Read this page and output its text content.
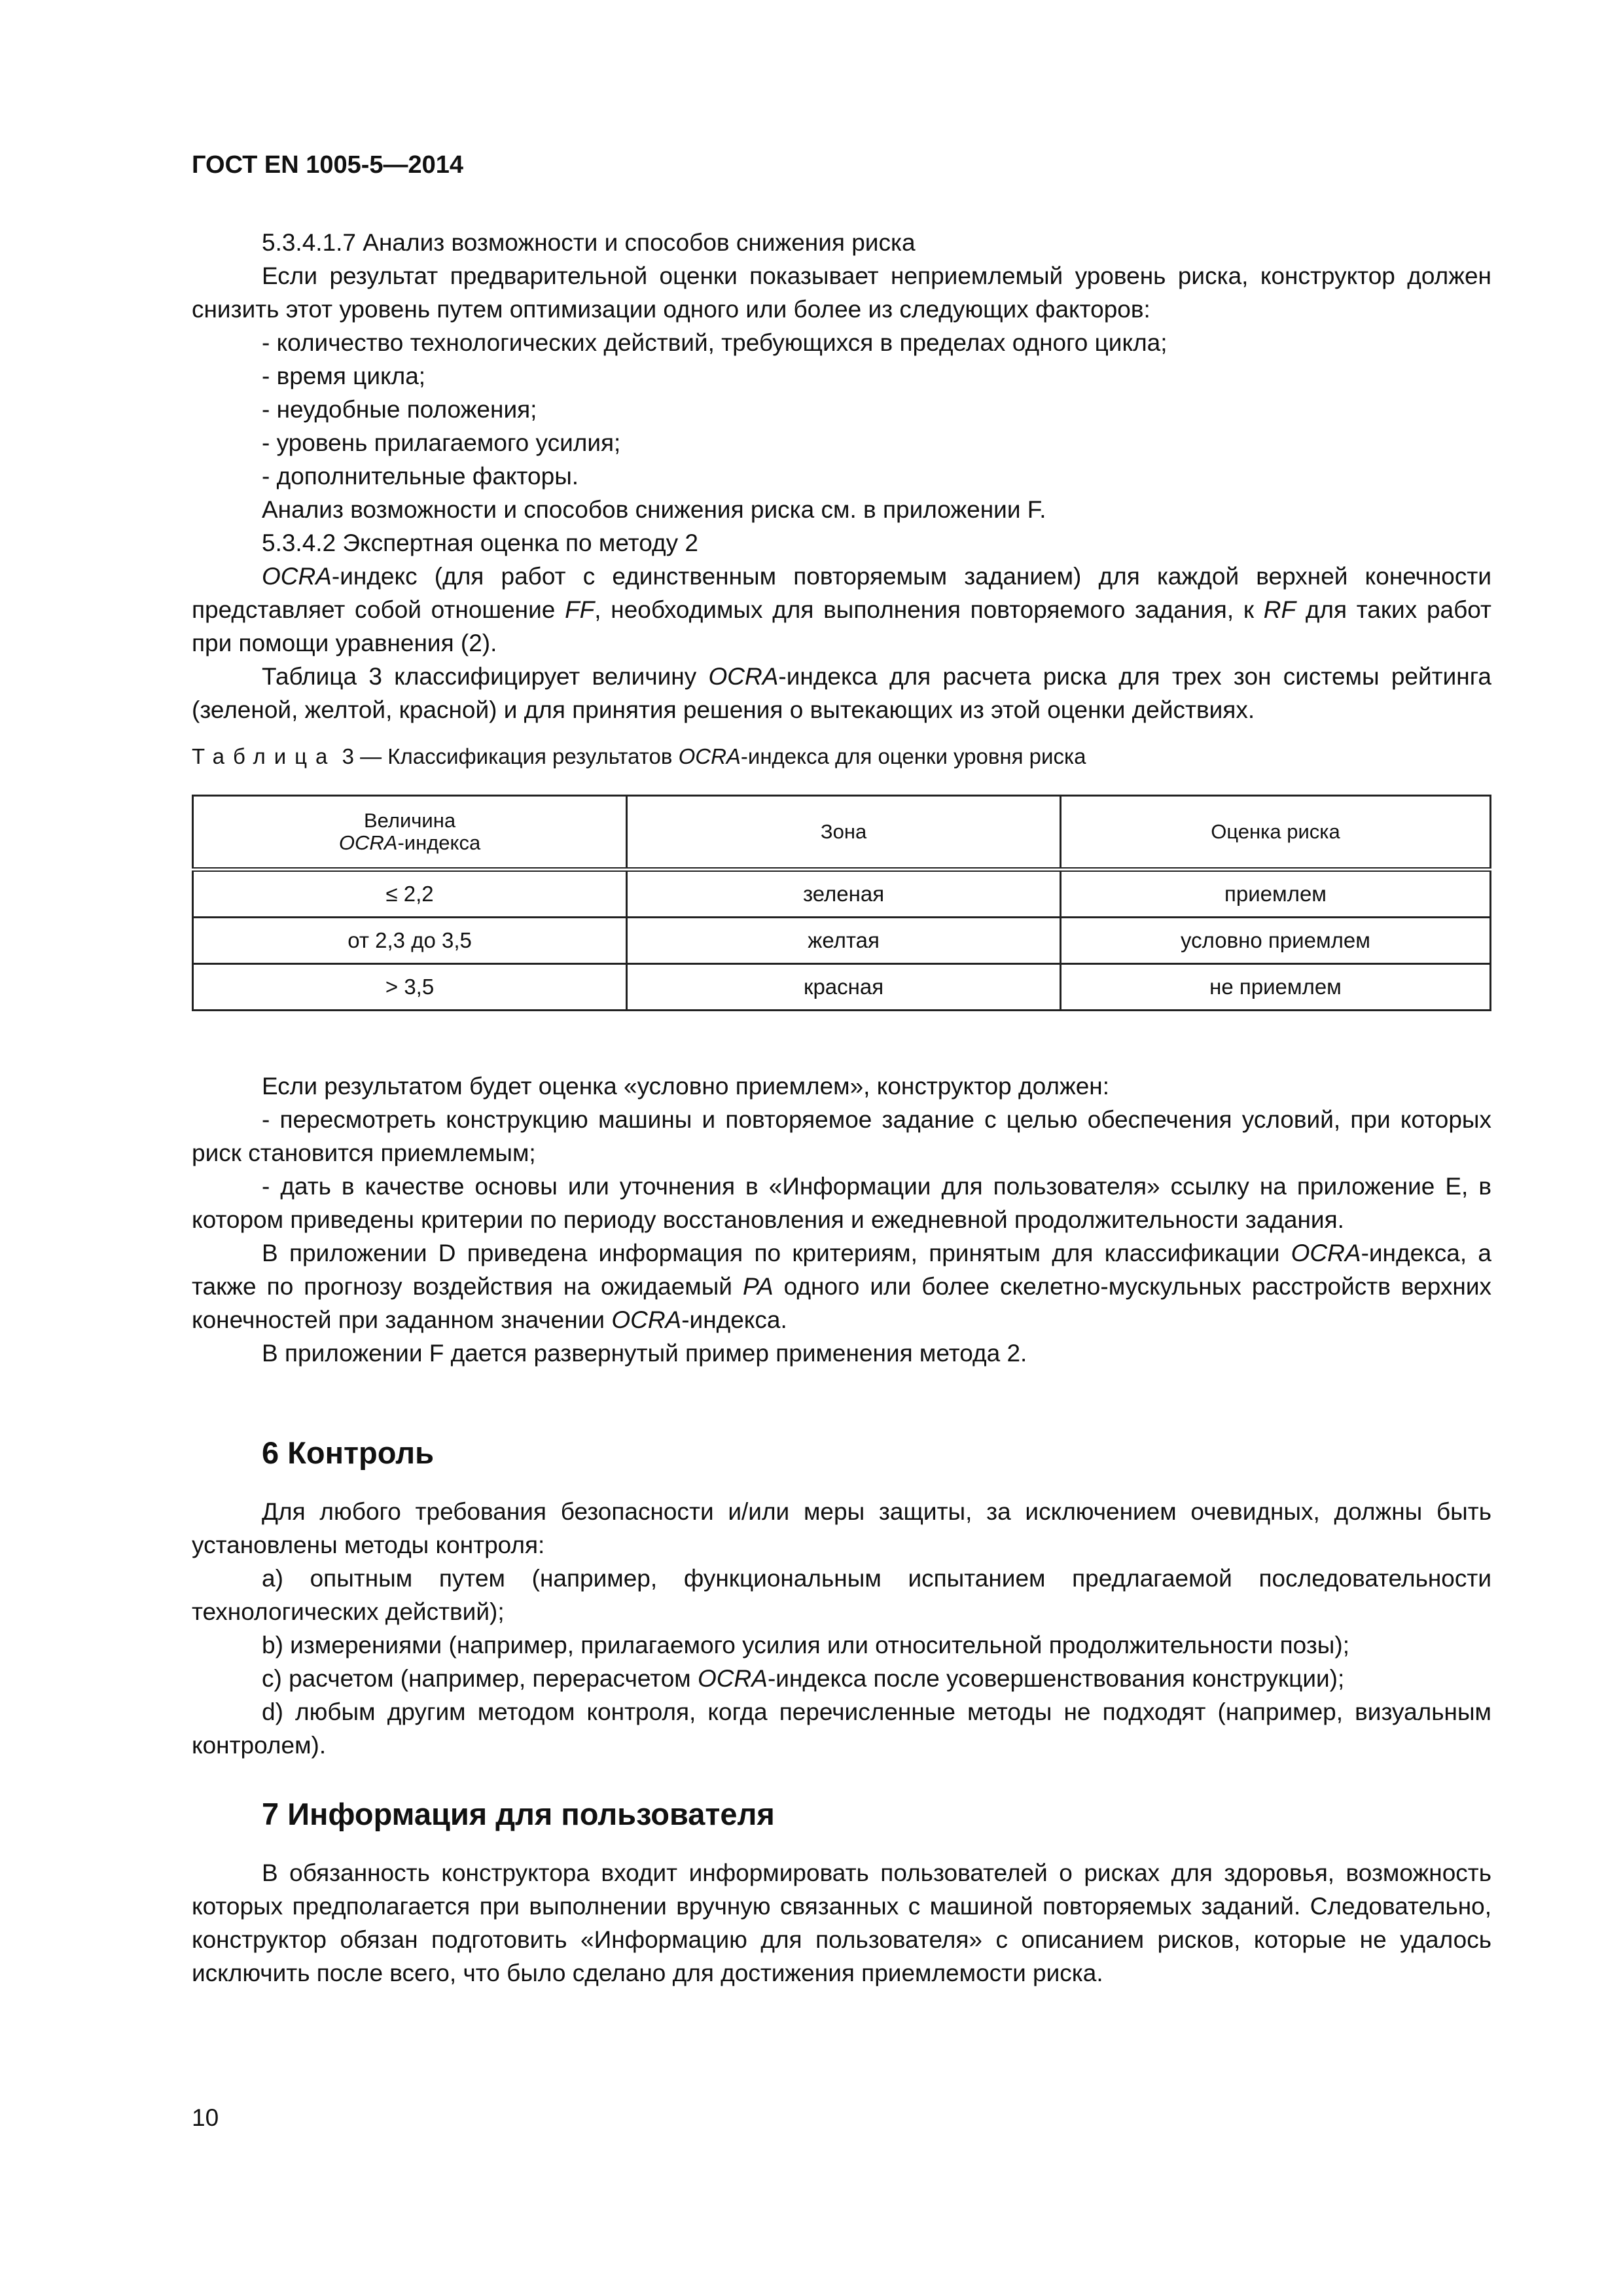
ГОСТ EN 1005-5—2014

5.3.4.1.7 Анализ возможности и способов снижения риска

Если результат предварительной оценки показывает неприемлемый уровень риска, конструктор должен снизить этот уровень путем оптимизации одного или более из следующих факторов:

- количество технологических действий, требующихся в пределах одного цикла;

- время цикла;

- неудобные положения;

- уровень прилагаемого усилия;

- дополнительные факторы.

Анализ возможности и способов снижения риска см. в приложении F.

5.3.4.2 Экспертная оценка по методу 2

OCRA-индекс (для работ с единственным повторяемым заданием) для каждой верхней конечности представляет собой отношение FF, необходимых для выполнения повторяемого задания, к RF для таких работ при помощи уравнения (2).

Таблица 3 классифицирует величину OCRA-индекса для расчета риска для трех зон системы рейтинга (зеленой, желтой, красной) и для принятия решения о вытекающих из этой оценки действиях.

Таблица 3 — Классификация результатов OCRA-индекса для оценки уровня риска
Величина
OCRA-индекса	Зона	Оценка риска
≤ 2,2	зеленая	приемлем
от 2,3 до 3,5	желтая	условно приемлем
> 3,5	красная	не приемлем

Если результатом будет оценка «условно приемлем», конструктор должен:

- пересмотреть конструкцию машины и повторяемое задание с целью обеспечения условий, при которых риск становится приемлемым;

- дать в качестве основы или уточнения в «Информации для пользователя» ссылку на приложение E, в котором приведены критерии по периоду восстановления и ежедневной продолжительности задания.

В приложении D приведена информация по критериям, принятым для классификации OCRA-индекса, а также по прогнозу воздействия на ожидаемый PA одного или более скелетно-мускульных расстройств верхних конечностей при заданном значении OCRA-индекса.

В приложении F дается развернутый пример применения метода 2.

6 Контроль

Для любого требования безопасности и/или меры защиты, за исключением очевидных, должны быть установлены методы контроля:

a) опытным путем (например, функциональным испытанием предлагаемой последовательности технологических действий);

b) измерениями (например, прилагаемого усилия или относительной продолжительности позы);

c) расчетом (например, перерасчетом OCRA-индекса после усовершенствования конструкции);

d) любым другим методом контроля, когда перечисленные методы не подходят (например, визуальным контролем).

7 Информация для пользователя

В обязанность конструктора входит информировать пользователей о рисках для здоровья, возможность которых предполагается при выполнении вручную связанных с машиной повторяемых заданий. Следовательно, конструктор обязан подготовить «Информацию для пользователя» с описанием рисков, которые не удалось исключить после всего, что было сделано для достижения приемлемости риска.

10
